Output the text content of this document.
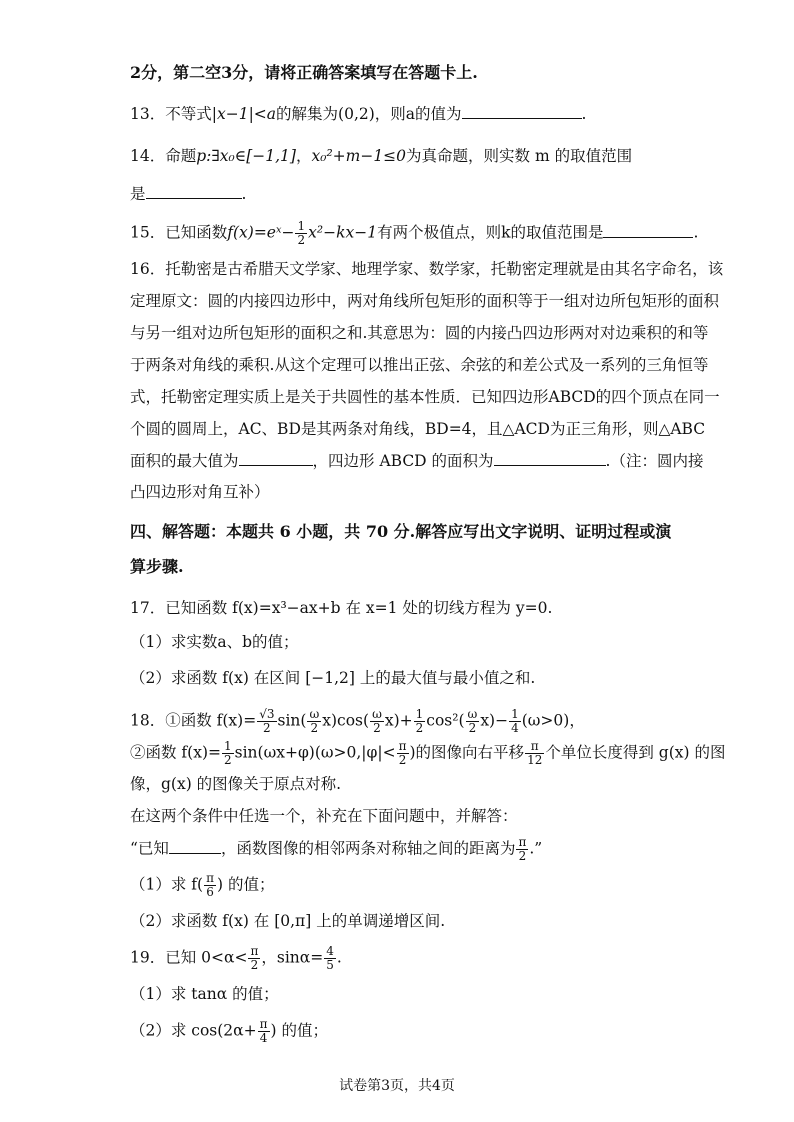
2分，第二空3分，请将正确答案填写在答题卡上.
13．不等式|x−1|<a的解集为(0,2)，则a的值为	.
14．命题p:∃x₀∈[−1,1]，x₀²+m−1≤0为真命题，则实数 m 的取值范围
是	.
15．已知函数f(x)=eˣ− $\frac{1}{2} x^2-kx-1$有两个极值点，则k的取值范围是	.
16．托勒密是古希腊天文学家、地理学家、数学家，托勒密定理就是由其名字命名，该
定理原文：圆的内接四边形中，两对角线所包矩形的面积等于一组对边所包矩形的面积
与另一组对边所包矩形的面积之和.其意思为：圆的内接凸四边形两对对边乘积的和等
于两条对角线的乘积.从这个定理可以推出正弦、余弦的和差公式及一系列的三角恒等
式，托勒密定理实质上是关于共圆性的基本性质．已知四边形ABCD的四个顶点在同一
个圆的圆周上，AC、BD是其两条对角线，BD=4，且△ACD为正三角形，则△ABC
面积的最大值为	，四边形 ABCD 的面积为	.（注：圆内接
凸四边形对角互补）
四、解答题：本题共 6 小题，共 70 分.解答应写出文字说明、证明过程或演
算步骤.
17．已知函数 f(x)=x³−ax+b 在 x=1 处的切线方程为 y=0.
（1）求实数a、b的值；
（2）求函数 f(x) 在区间 [−1,2] 上的最大值与最小值之和.
18．①函数 $f(x)= \frac{√3}{2} \sin( \frac{\omega}{2} x)\cos( \frac{\omega}{2} x)+ \frac{1}{2} \cos^2( \frac{\omega}{2} x)- \frac{1}{4} (\omega>0)$，
②函数 $f(x)= \frac{1}{2} \sin(\omega x+\varphi)(\omega>0,|\varphi|< \frac{\pi}{2}$ )的图像向右平移 $\frac{\pi}{12}$ 个单位长度得到 g(x) 的图
像，g(x) 的图像关于原点对称.
在这两个条件中任选一个，补充在下面问题中，并解答：
“已知	，函数图像的相邻两条对称轴之间的距离为 $\frac{\pi}{2}$ .”
（1）求 $f( \frac{\pi}{6}$ ) 的值；
（2）求函数 f(x) 在 [0,π] 上的单调递增区间.
19．已知 $0<\alpha< \frac{\pi}{2}$ ，$\sin\alpha= \frac{4}{5}$ .
（1）求 tanα 的值；
（2）求 $\cos(2\alpha+ \frac{\pi}{4}$ ) 的值；
试卷第3页，共4页
